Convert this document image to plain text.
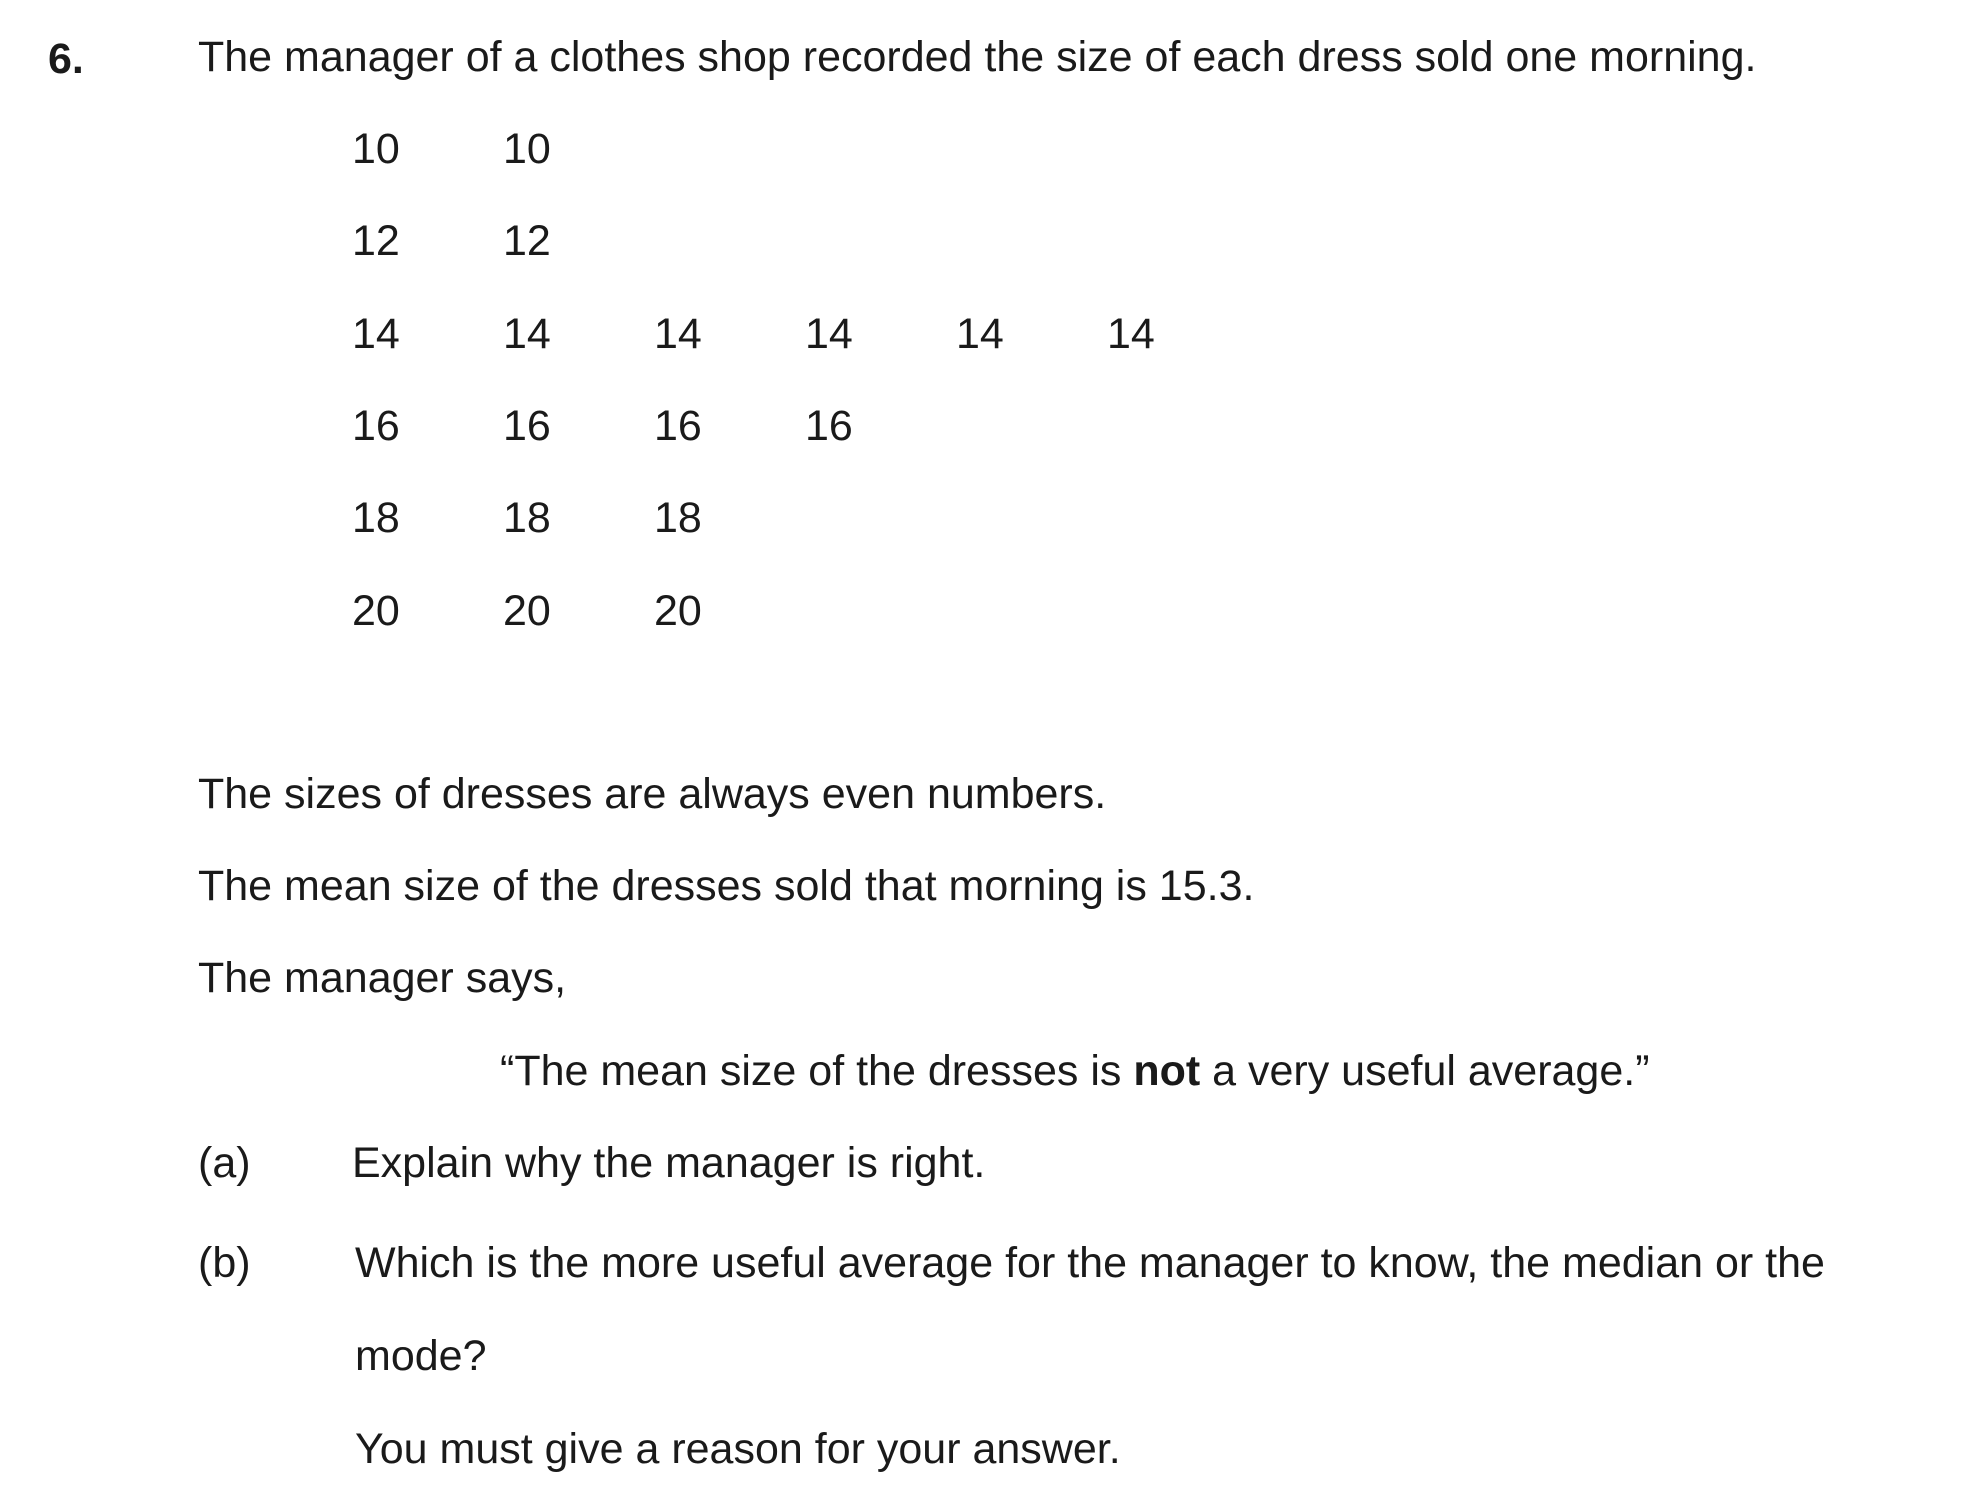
6.	The manager of a clothes shop recorded the size of each dress sold one morning.
10 10
12 12
14 14 14 14 14 14
16 16 16 16
18 18 18
20 20 20
The sizes of dresses are always even numbers.
The mean size of the dresses sold that morning is 15.3.
The manager says,
“The mean size of the dresses is not a very useful average.”
(a) Explain why the manager is right.
(b) Which is the more useful average for the manager to know, the median or the
mode?
You must give a reason for your answer.
